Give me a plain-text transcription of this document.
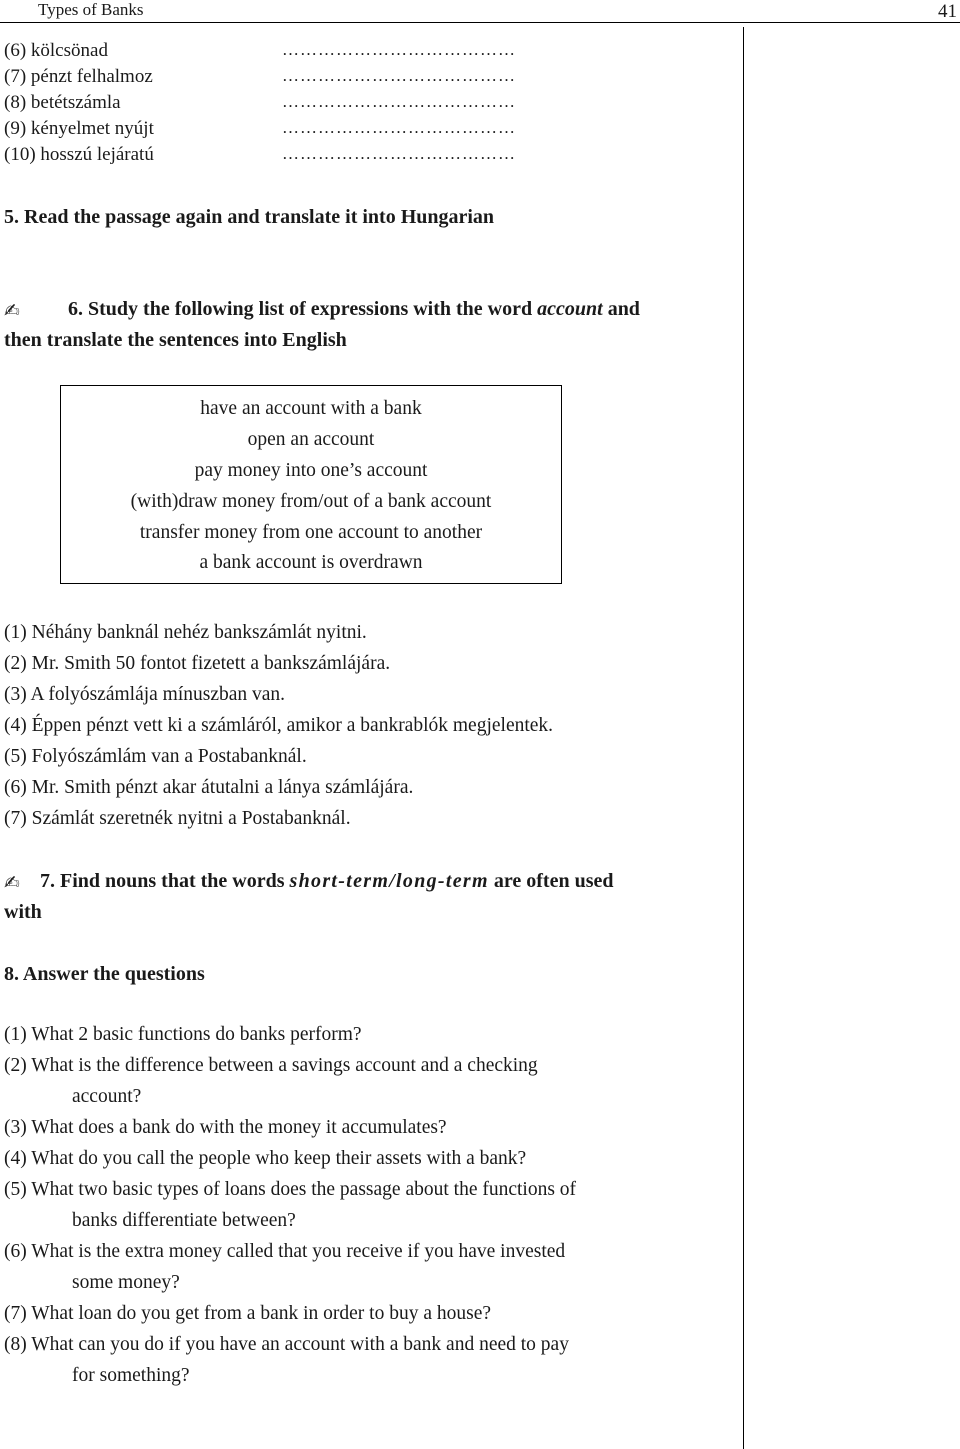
Types of Banks	41
(6) kölcsönad	…………………………………
(7) pénzt felhalmoz	…………………………………
(8) betétszámla	…………………………………
(9) kényelmet nyújt	…………………………………
(10) hosszú lejáratú	…………………………………
5. Read the passage again and translate it into Hungarian
✍ 6. Study the following list of expressions with the word account and
then translate the sentences into English
have an account with a bank
open an account
pay money into one’s account
(with)draw money from/out of a bank account
transfer money from one account to another
a bank account is overdrawn
(1) Néhány banknál nehéz bankszámlát nyitni.
(2) Mr. Smith 50 fontot fizetett a bankszámlájára.
(3) A folyószámlája mínuszban van.
(4) Éppen pénzt vett ki a számláról, amikor a bankrablók megjelentek.
(5) Folyószámlám van a Postabanknál.
(6) Mr. Smith pénzt akar átutalni a lánya számlájára.
(7) Számlát szeretnék nyitni a Postabanknál.
✍ 7. Find nouns that the words short-term/long-term are often used
with
8. Answer the questions
(1) What 2 basic functions do banks perform?
(2) What is the difference between a savings account and a checking
account?
(3) What does a bank do with the money it accumulates?
(4) What do you call the people who keep their assets with a bank?
(5) What two basic types of loans does the passage about the functions of
banks differentiate between?
(6) What is the extra money called that you receive if you have invested
some money?
(7) What loan do you get from a bank in order to buy a house?
(8) What can you do if you have an account with a bank and need to pay
for something?
